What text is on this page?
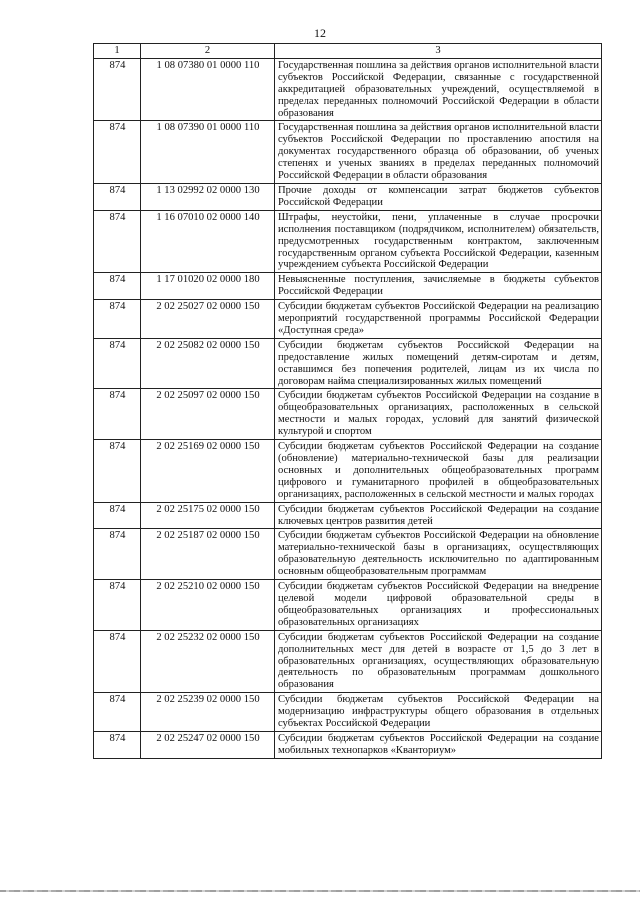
12
1	2	3
874	1 08 07380 01 0000 110	Государственная пошлина за действия органов исполнительной власти субъектов Российской Федерации, связанные с государственной аккредитацией образовательных учреждений, осуществляемой в пределах переданных полномочий Российской Федерации в области образования
874	1 08 07390 01 0000 110	Государственная пошлина за действия органов исполнительной власти субъектов Российской Федерации по проставлению апостиля на документах государственного образца об образовании, об ученых степенях и ученых званиях в пределах переданных полномочий Российской Федерации в области образования
874	1 13 02992 02 0000 130	Прочие доходы от компенсации затрат бюджетов субъектов Российской Федерации
874	1 16 07010 02 0000 140	Штрафы, неустойки, пени, уплаченные в случае просрочки исполнения поставщиком (подрядчиком, исполнителем) обязательств, предусмотренных государственным контрактом, заключенным государственным органом субъекта Российской Федерации, казенным учреждением субъекта Российской Федерации
874	1 17 01020 02 0000 180	Невыясненные поступления, зачисляемые в бюджеты субъектов Российской Федерации
874	2 02 25027 02 0000 150	Субсидии бюджетам субъектов Российской Федерации на реализацию мероприятий государственной программы Российской Федерации «Доступная среда»
874	2 02 25082 02 0000 150	Субсидии бюджетам субъектов Российской Федерации на предоставление жилых помещений детям-сиротам и детям, оставшимся без попечения родителей, лицам из их числа по договорам найма специализированных жилых помещений
874	2 02 25097 02 0000 150	Субсидии бюджетам субъектов Российской Федерации на создание в общеобразовательных организациях, расположенных в сельской местности и малых городах, условий для занятий физической культурой и спортом
874	2 02 25169 02 0000 150	Субсидии бюджетам субъектов Российской Федерации на создание (обновление) материально-технической базы для реализации основных и дополнительных общеобразовательных программ цифрового и гуманитарного профилей в общеобразовательных организациях, расположенных в сельской местности и малых городах
874	2 02 25175 02 0000 150	Субсидии бюджетам субъектов Российской Федерации на создание ключевых центров развития детей
874	2 02 25187 02 0000 150	Субсидии бюджетам субъектов Российской Федерации на обновление материально-технической базы в организациях, осуществляющих образовательную деятельность исключительно по адаптированным основным общеобразовательным программам
874	2 02 25210 02 0000 150	Субсидии бюджетам субъектов Российской Федерации на внедрение целевой модели цифровой образовательной среды в общеобразовательных организациях и профессиональных образовательных организациях
874	2 02 25232 02 0000 150	Субсидии бюджетам субъектов Российской Федерации на создание дополнительных мест для детей в возрасте от 1,5 до 3 лет в образовательных организациях, осуществляющих образовательную деятельность по образовательным программам дошкольного образования
874	2 02 25239 02 0000 150	Субсидии бюджетам субъектов Российской Федерации на модернизацию инфраструктуры общего образования в отдельных субъектах Российской Федерации
874	2 02 25247 02 0000 150	Субсидии бюджетам субъектов Российской Федерации на создание мобильных технопарков «Кванториум»
